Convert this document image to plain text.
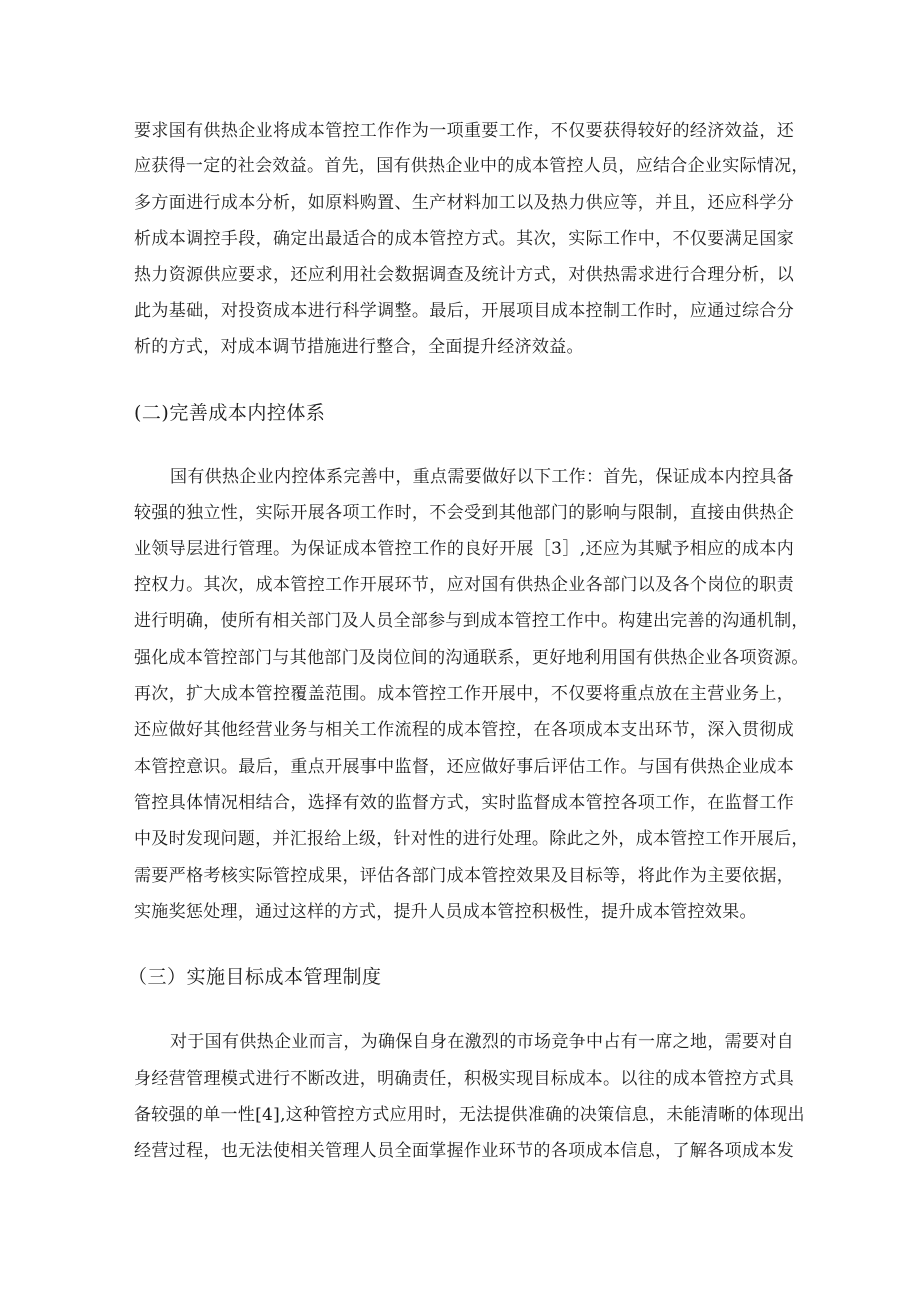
要求国有供热企业将成本管控工作作为一项重要工作，不仅要获得较好的经济效益，还
应获得一定的社会效益。首先，国有供热企业中的成本管控人员，应结合企业实际情况，
多方面进行成本分析，如原料购置、生产材料加工以及热力供应等，并且，还应科学分
析成本调控手段，确定出最适合的成本管控方式。其次，实际工作中，不仅要满足国家
热力资源供应要求，还应利用社会数据调查及统计方式，对供热需求进行合理分析，以
此为基础，对投资成本进行科学调整。最后，开展项目成本控制工作时，应通过综合分
析的方式，对成本调节措施进行整合，全面提升经济效益。
(二)完善成本内控体系
国有供热企业内控体系完善中，重点需要做好以下工作：首先，保证成本内控具备
较强的独立性，实际开展各项工作时，不会受到其他部门的影响与限制，直接由供热企
业领导层进行管理。为保证成本管控工作的良好开展［3］,还应为其赋予相应的成本内
控权力。其次，成本管控工作开展环节，应对国有供热企业各部门以及各个岗位的职责
进行明确，使所有相关部门及人员全部参与到成本管控工作中。构建出完善的沟通机制，
强化成本管控部门与其他部门及岗位间的沟通联系，更好地利用国有供热企业各项资源。
再次，扩大成本管控覆盖范围。成本管控工作开展中，不仅要将重点放在主营业务上，
还应做好其他经营业务与相关工作流程的成本管控，在各项成本支出环节，深入贯彻成
本管控意识。最后，重点开展事中监督，还应做好事后评估工作。与国有供热企业成本
管控具体情况相结合，选择有效的监督方式，实时监督成本管控各项工作，在监督工作
中及时发现问题，并汇报给上级，针对性的进行处理。除此之外，成本管控工作开展后，
需要严格考核实际管控成果，评估各部门成本管控效果及目标等，将此作为主要依据，
实施奖惩处理，通过这样的方式，提升人员成本管控积极性，提升成本管控效果。
（三）实施目标成本管理制度
对于国有供热企业而言，为确保自身在激烈的市场竞争中占有一席之地，需要对自
身经营管理模式进行不断改进，明确责任，积极实现目标成本。以往的成本管控方式具
备较强的单一性[4],这种管控方式应用时，无法提供准确的决策信息，未能清晰的体现出
经营过程，也无法使相关管理人员全面掌握作业环节的各项成本信息，了解各项成本发
